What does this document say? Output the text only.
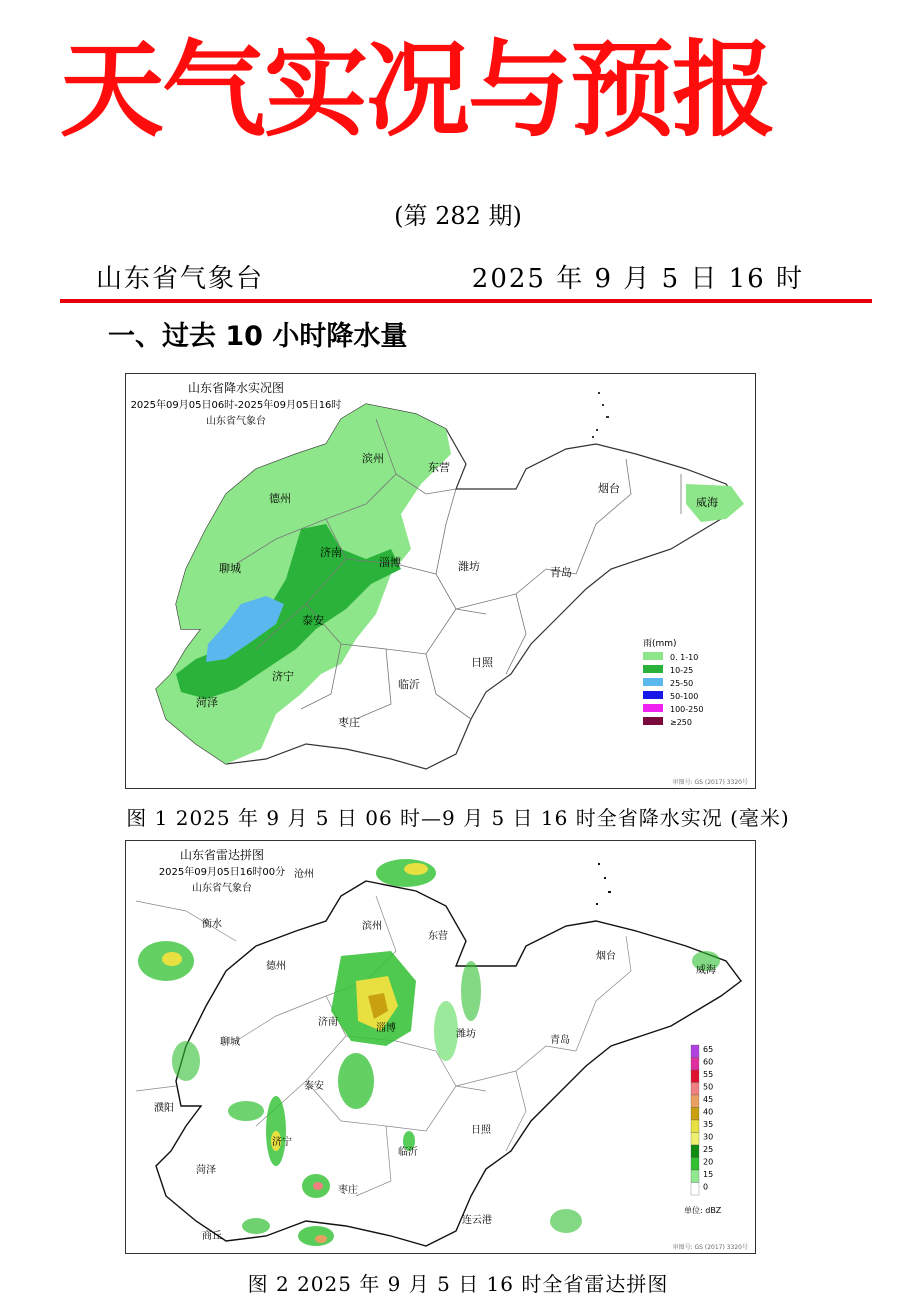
天气实况与预报
(第 282 期)
山东省气象台	2025 年 9 月 5 日 16 时
一、过去 10 小时降水量
山东省降水实况图
2025年09月05日06时-2025年09月05日16时
山东省气象台
滨州
东营
烟台
威海
德州
济南
淄博	潍坊	青岛
聊城
泰安
日照
济宁
菏泽
临沂
枣庄
雨(mm)
0. 1-10
10-25
25-50
50-100
100-250
≥250
审图号: GS (2017) 3320号
图 1 2025 年 9 月 5 日 06 时—9 月 5 日 16 时全省降水实况 (毫米)
山东省雷达拼图
2025年09月05日16时00分
山东省气象台
衡水
沧州
滨州
东营
烟台
威海
德州
淄博
济南
潍坊
青岛
聊城
泰安
濮阳
济宁
日照
菏泽
临沂
枣庄
连云港
商丘
65
60
55
50
45
40
35
30
25
20
15
0
单位: dBZ
审图号: GS (2017) 3320号
图 2 2025 年 9 月 5 日 16 时全省雷达拼图
